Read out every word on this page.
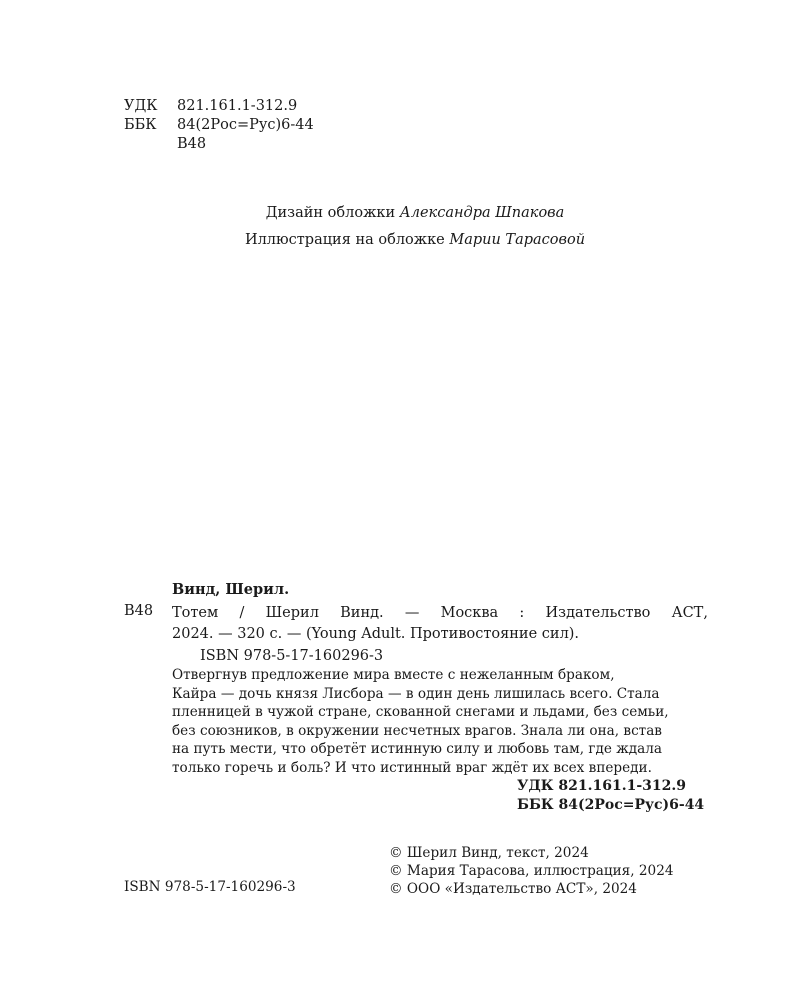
УДК	821.161.1-312.9
ББК	84(2Рос=Рус)6-44
В48
Дизайн обложки Александра Шпакова
Иллюстрация на обложке Марии Тарасовой
Винд, Шерил.
В48 Тотем / Шерил Винд. — Москва : Издательство АСТ,
2024. — 320 с. — (Young Adult. Противостояние сил).
ISBN 978-5-17-160296-3
Отвергнув предложение мира вместе с нежеланным браком,
Кайра — дочь князя Лисбора — в один день лишилась всего. Стала
пленницей в чужой стране, скованной снегами и льдами, без семьи,
без союзников, в окружении несчетных врагов. Знала ли она, встав
на путь мести, что обретёт истинную силу и любовь там, где ждала
только горечь и боль? И что истинный враг ждёт их всех впереди.
УДК 821.161.1-312.9
ББК 84(2Рос=Рус)6-44
ISBN 978-5-17-160296-3
© Шерил Винд, текст, 2024
© Мария Тарасова, иллюстрация, 2024
© ООО «Издательство АСТ», 2024
